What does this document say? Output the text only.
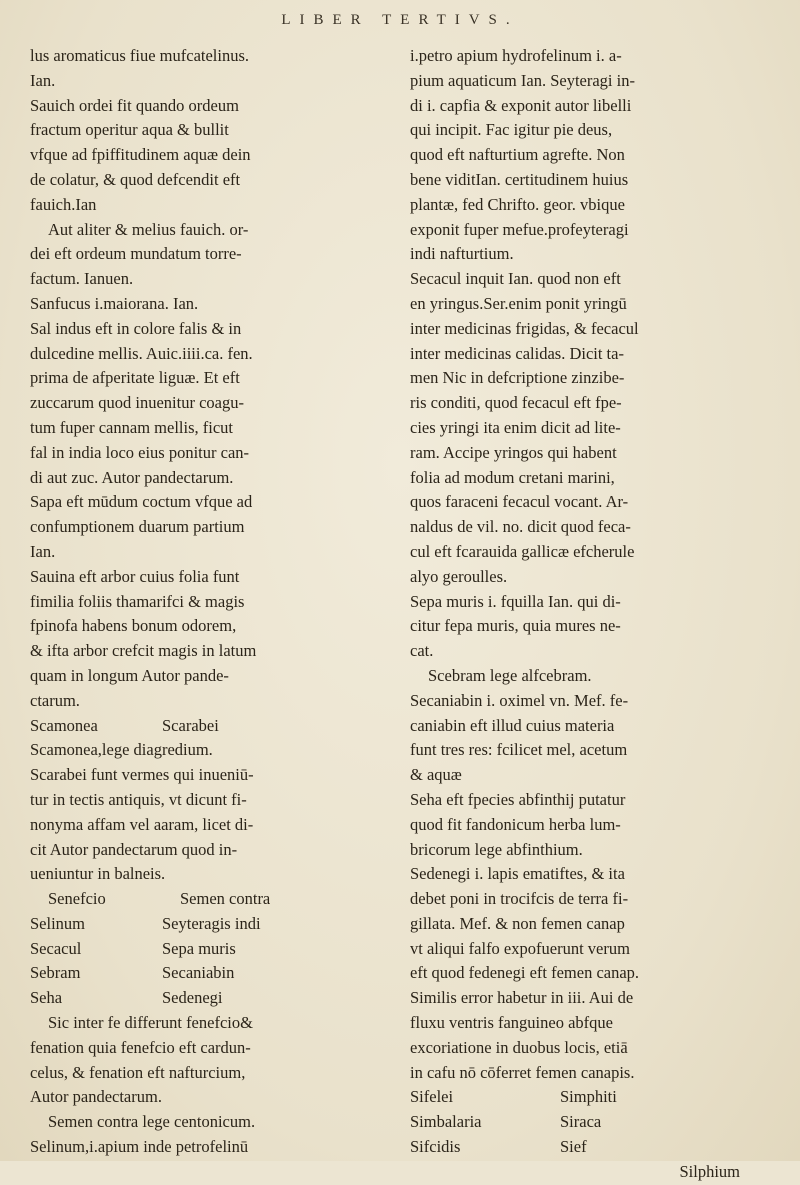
LIBER TERTIVS.
lus aromaticus fiue mufcatelinus.
Ian.
Sauich ordei fit quando ordeum
fractum operitur aqua & bullit
vfque ad fpiffitudinem aquæ dein
de colatur, & quod defcendit eft
fauich.Ian
Aut aliter & melius fauich. or-
dei eft ordeum mundatum torre-
factum. Ianuen.
Sanfucus i.maiorana. Ian.
Sal indus eft in colore falis & in
dulcedine mellis. Auic.iiii.ca. fen.
prima de afperitate liguæ. Et eft
zuccarum quod inuenitur coagu-
tum fuper cannam mellis, ficut
fal in india loco eius ponitur can-
di aut zuc. Autor pandectarum.
Sapa eft mūdum coctum vfque ad
confumptionem duarum partium
Ian.
Sauina eft arbor cuius folia funt
fimilia foliis thamarifci & magis
fpinofa habens bonum odorem,
& ifta arbor crefcit magis in latum
quam in longum Autor pande-
ctarum.
Scamonea	Scarabei
Scamonea,lege diagredium.
Scarabei funt vermes qui inueniū-
tur in tectis antiquis, vt dicunt fi-
nonyma affam vel aaram, licet di-
cit Autor pandectarum quod in-
ueniuntur in balneis.
Senefcio	Semen contra
Selinum	Seyteragis indi
Secacul	Sepa muris
Sebram	Secaniabin
Seha	Sedenegi
Sic inter fe differunt fenefcio&
fenation quia fenefcio eft cardun-
celus, & fenation eft nafturcium,
Autor pandectarum.
Semen contra lege centonicum.
Selinum,i.apium inde petrofelinū
i.petro apium hydrofelinum i. a-
pium aquaticum Ian. Seyteragi in-
di i. capfia & exponit autor libelli
qui incipit. Fac igitur pie deus,
quod eft nafturtium agrefte. Non
bene viditIan. certitudinem huius
plantæ, fed Chrifto. geor. vbique
exponit fuper mefue.profeyteragi
indi nafturtium.
Secacul inquit Ian. quod non eft
en yringus.Ser.enim ponit yringū
inter medicinas frigidas, & fecacul
inter medicinas calidas. Dicit ta-
men Nic in defcriptione zinzibe-
ris conditi, quod fecacul eft fpe-
cies yringi ita enim dicit ad lite-
ram. Accipe yringos qui habent
folia ad modum cretani marini,
quos faraceni fecacul vocant. Ar-
naldus de vil. no. dicit quod feca-
cul eft fcarauida gallicæ efcherule
alyo geroulles.
Sepa muris i. fquilla Ian. qui di-
citur fepa muris, quia mures ne-
cat.
Scebram lege alfcebram.
Secaniabin i. oximel vn. Mef. fe-
caniabin eft illud cuius materia
funt tres res: fcilicet mel, acetum
& aquæ
Seha eft fpecies abfinthij putatur
quod fit fandonicum herba lum-
bricorum lege abfinthium.
Sedenegi i. lapis ematiftes, & ita
debet poni in trocifcis de terra fi-
gillata. Mef. & non femen canap
vt aliqui falfo expofuerunt verum
eft quod fedenegi eft femen canap.
Similis error habetur in iii. Aui de
fluxu ventris fanguineo abfque
excoriatione in duobus locis, etiā
in cafu nō cōferret femen canapis.
Sifelei	Simphiti
Simbalaria	Siraca
Sifcidis	Sief
Silphium
